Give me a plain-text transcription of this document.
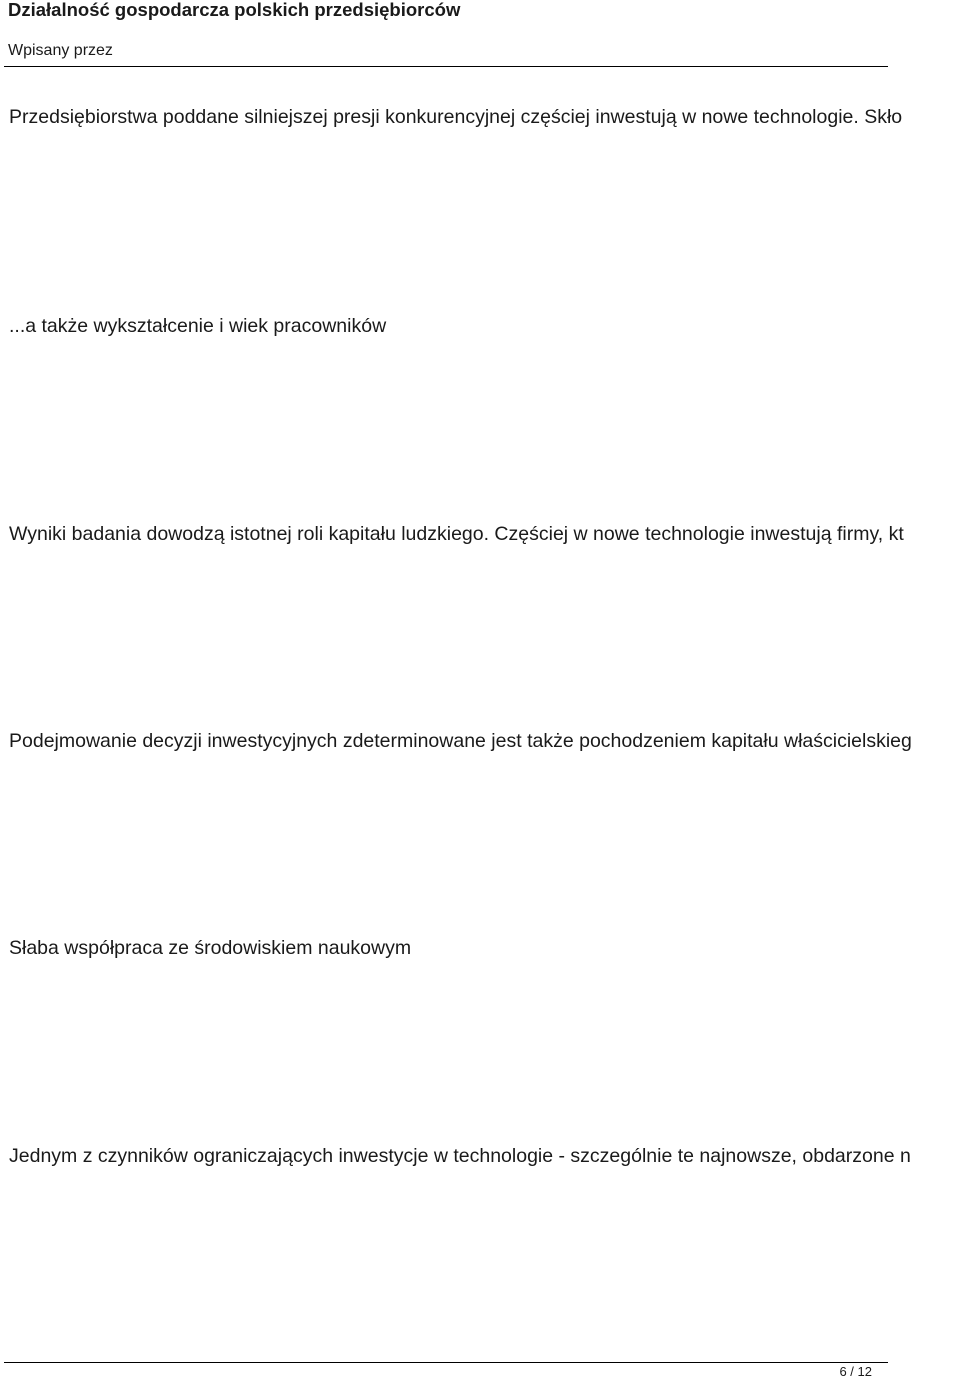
Działalność gospodarcza polskich przedsiębiorców
Wpisany przez
Przedsiębiorstwa poddane silniejszej presji konkurencyjnej częściej inwestują w nowe technologie. Skło
...a także wykształcenie i wiek pracowników
Wyniki badania dowodzą istotnej roli kapitału ludzkiego. Częściej w nowe technologie inwestują firmy, kt
Podejmowanie decyzji inwestycyjnych zdeterminowane jest także pochodzeniem kapitału właścicielskieg
Słaba współpraca ze środowiskiem naukowym
Jednym z czynników ograniczających inwestycje w technologie - szczególnie te najnowsze, obdarzone n
6 / 12
